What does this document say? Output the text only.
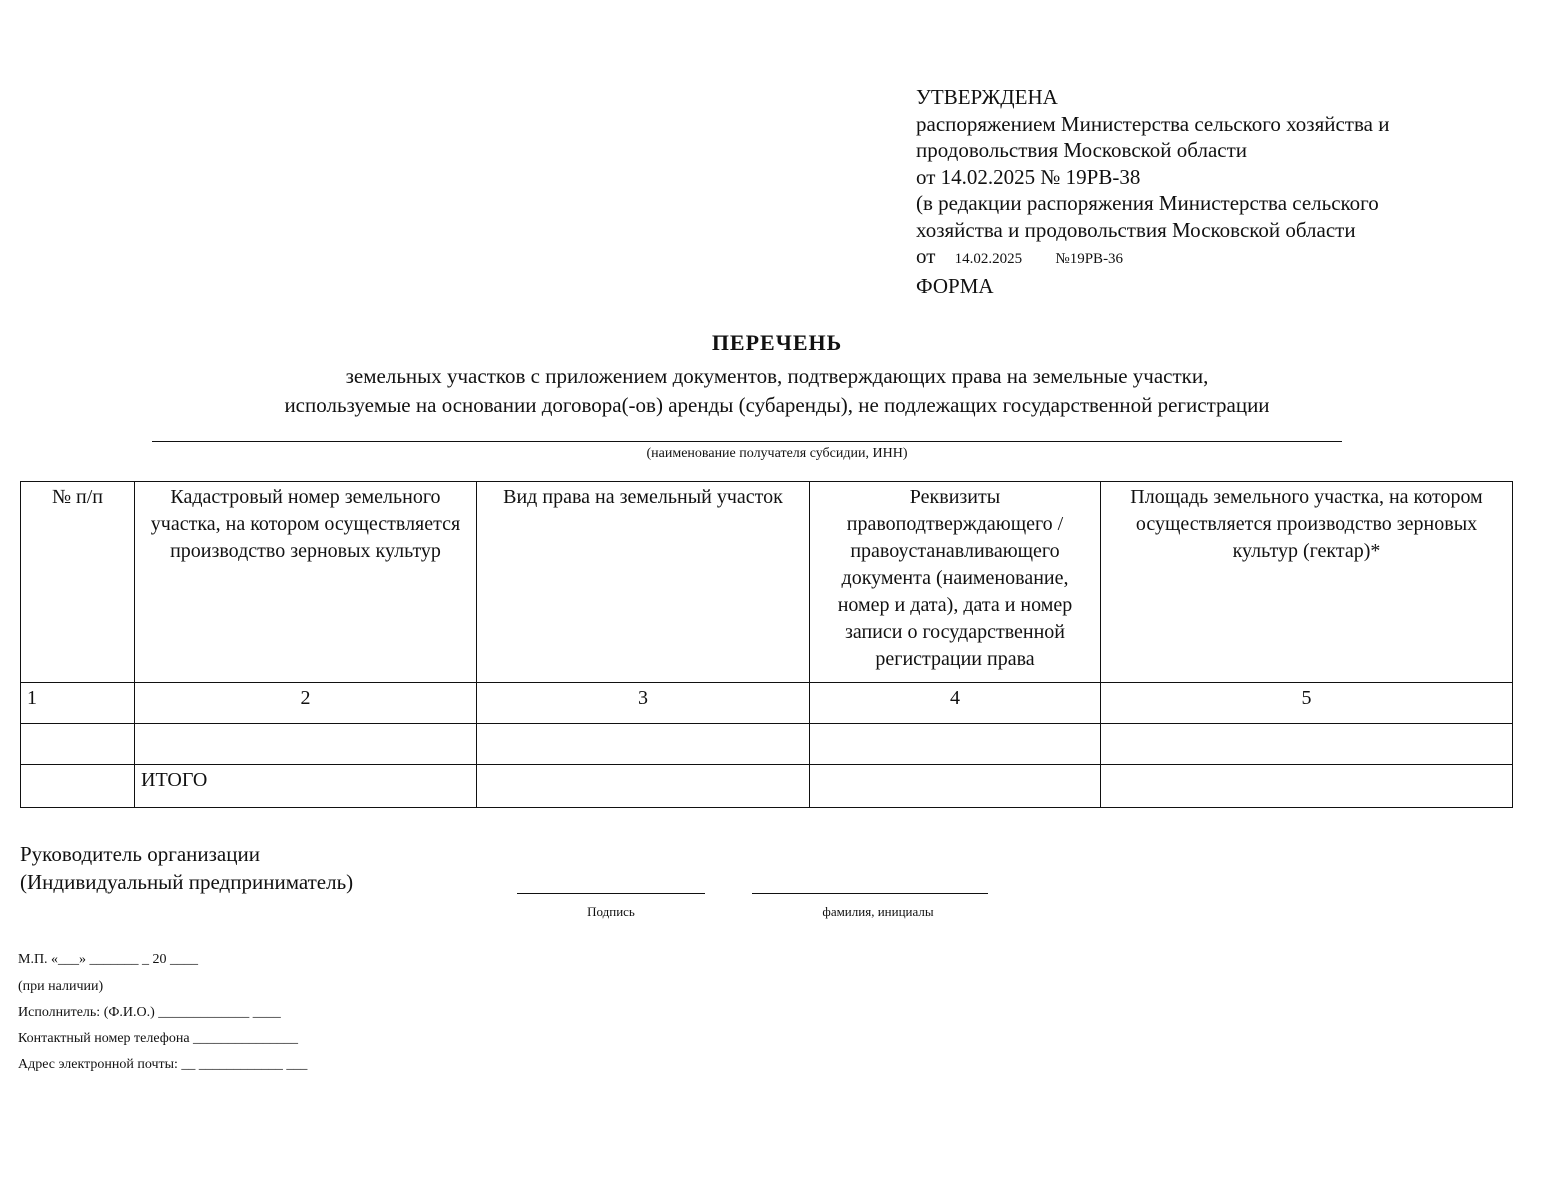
УТВЕРЖДЕНА
распоряжением Министерства сельского хозяйства и
продовольствия Московской области
от 14.02.2025 № 19РВ-38
(в редакции распоряжения Министерства сельского
хозяйства и продовольствия Московской области
от 14.02.2025 №19РВ-36
ФОРМА
ПЕРЕЧЕНЬ
земельных участков с приложением документов, подтверждающих права на земельные участки,
используемые на основании договора(-ов) аренды (субаренды), не подлежащих государственной регистрации
(наименование получателя субсидии, ИНН)
№ п/п	Кадастровый номер земельного участка, на котором осуществляется производство зерновых культур	Вид права на земельный участок	Реквизиты правоподтверждающего /правоустанавливающего документа (наименование, номер и дата), дата и номер записи о государственной регистрации права	Площадь земельного участка, на котором осуществляется производство зерновых культур (гектар)*
1	2	3	4	5

	ИТОГО			
Руководитель организации
(Индивидуальный предприниматель)
Подпись	фамилия, инициалы
М.П. «___» _______ _ 20 ____
(при наличии)
Исполнитель: (Ф.И.О.) _____________ ____
Контактный номер телефона _______________
Адрес электронной почты: __ ____________ ___
